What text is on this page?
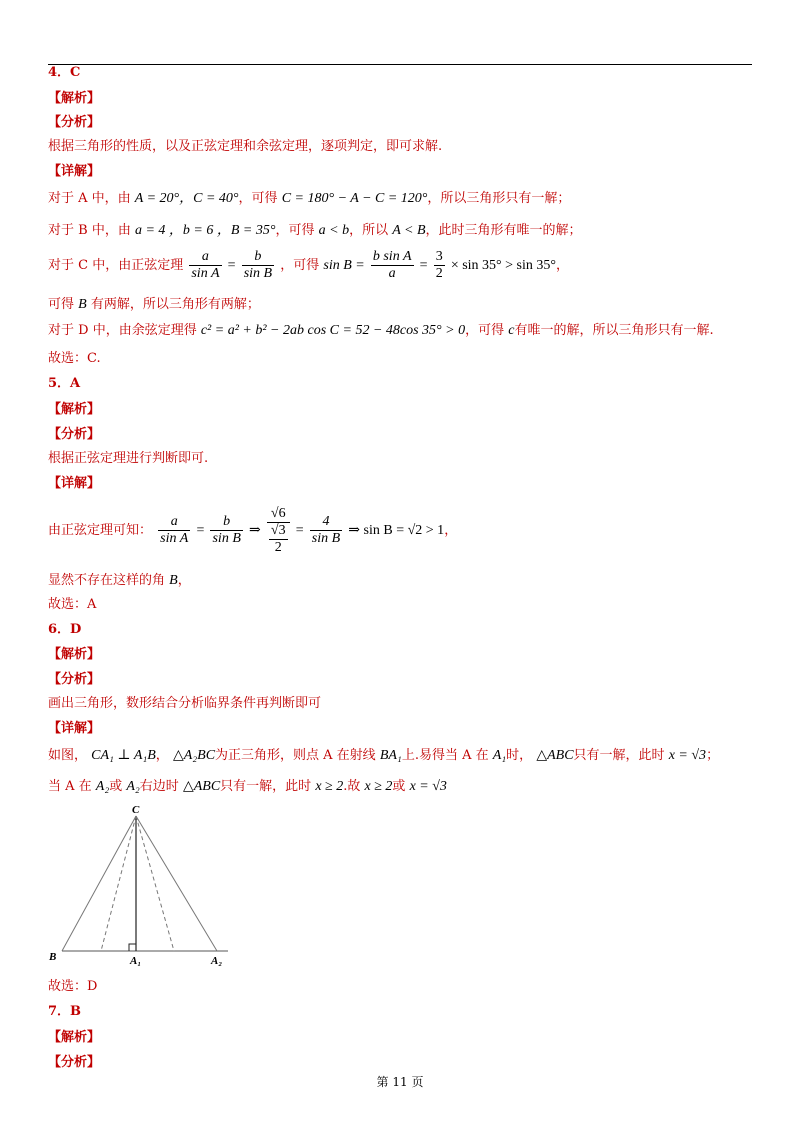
4．C
【解析】
【分析】
根据三角形的性质，以及正弦定理和余弦定理，逐项判定，即可求解.
【详解】
对于 A 中，由 A = 20°，C = 40°，可得 C = 180° − A − C = 120°，所以三角形只有一解；
对于 B 中，由 a = 4 ，b = 6 ，B = 35°，可得 a < b，所以 A < B，此时三角形有唯一的解；
对于 C 中，由正弦定理 $\frac{a}{\text{sin A}} = \frac{b}{\text{sin B}}$ ，可得 $\sin B = \frac{\text{b sin A}}{a} = \frac{3}{2} \times \sin 35^\circ > \sin 35^\circ$，
可得 B 有两解，所以三角形有两解；
对于 D 中，由余弦定理得 c² = a² + b² − 2ab cos C = 52 − 48cos 35° > 0，可得 c有唯一的解，所以三角形只有一解.
故选：C.
5．A
【解析】
【分析】
根据正弦定理进行判断即可.
【详解】
由正弦定理可知： $\frac{a}{\text{sin A}} = \frac{b}{\text{sin B}}$ ⇒ $\frac{√6}{\frac{√3}{2}} = \frac{4}{\text{sin B}}$ ⇒ sin B = √2 > 1，
显然不存在这样的角 B，
故选：A
6．D
【解析】
【分析】
画出三角形，数形结合分析临界条件再判断即可
【详解】
如图， CA₁ ⊥ A₁B， △A₂BC为正三角形，则点 A 在射线 BA₁上.易得当 A 在 A₁时， △ABC只有一解，此时 x = √3；
当 A 在 A₂或 A₂右边时 △ABC只有一解，此时 x ≥ 2.故 x ≥ 2或 x = √3
C
B	A₁	A₂
故选：D
7．B
【解析】
【分析】
第 11 页
